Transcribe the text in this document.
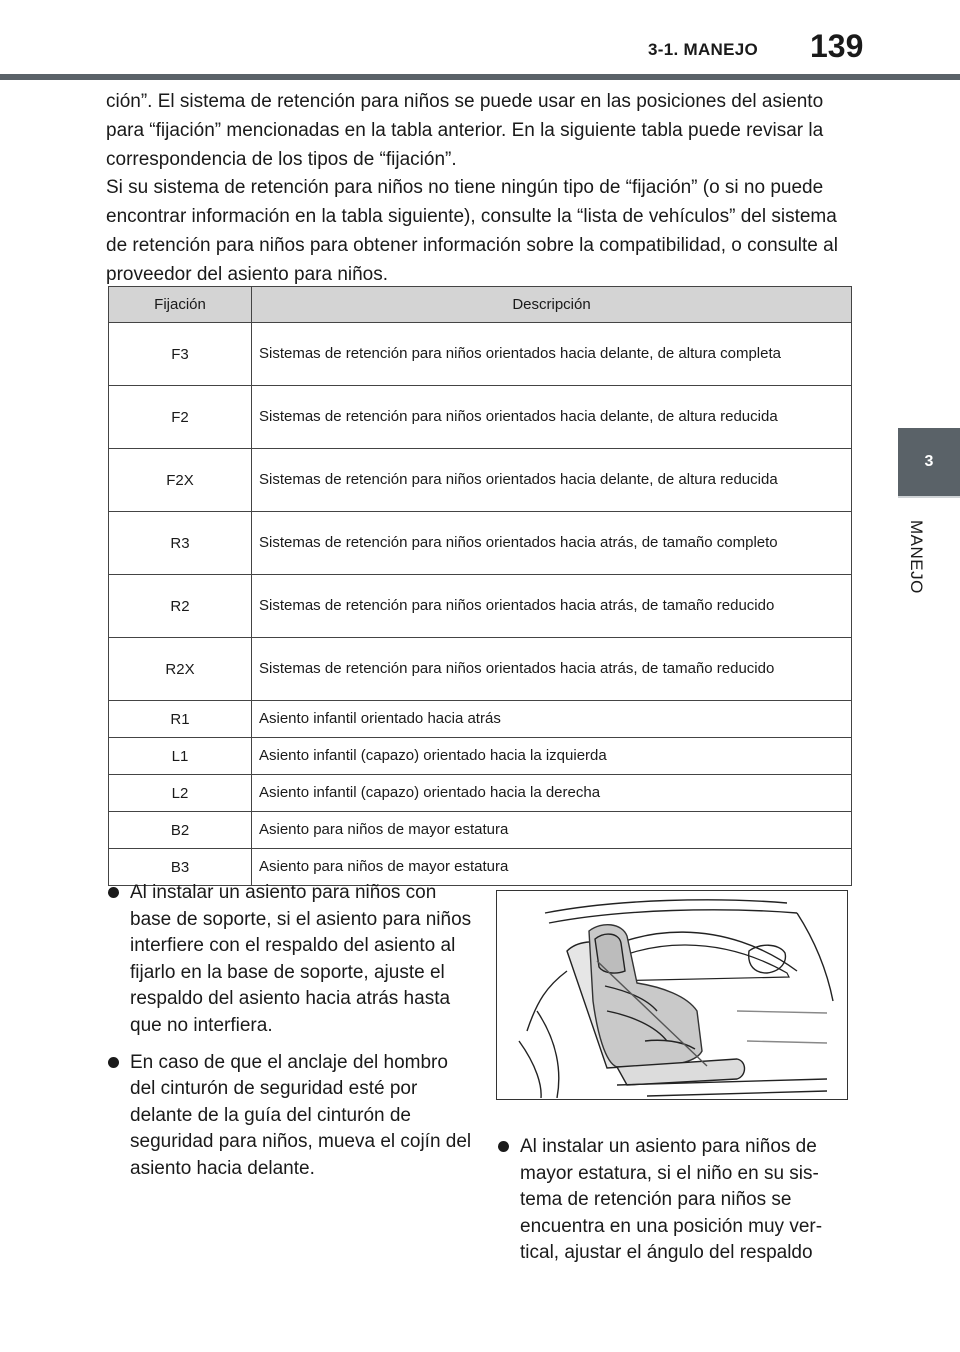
3-1. MANEJO 139
3
MANEJO

ción”. El sistema de retención para niños se puede usar en las posiciones del asiento para “fijación” mencionadas en la tabla anterior. En la siguiente tabla puede revisar la correspondencia de los tipos de “fijación”.

Si su sistema de retención para niños no tiene ningún tipo de “fijación” (o si no puede encontrar información en la tabla siguiente), consulte la “lista de vehículos” del sistema de retención para niños para obtener información sobre la compatibilidad, o consulte al proveedor del asiento para niños.

Fijación	Descripción
F3	Sistemas de retención para niños orientados hacia delante, de altura completa
F2	Sistemas de retención para niños orientados hacia delante, de altura reducida
F2X	Sistemas de retención para niños orientados hacia delante, de altura reducida
R3	Sistemas de retención para niños orientados hacia atrás, de tamaño completo
R2	Sistemas de retención para niños orientados hacia atrás, de tamaño reducido
R2X	Sistemas de retención para niños orientados hacia atrás, de tamaño reducido
R1	Asiento infantil orientado hacia atrás
L1	Asiento infantil (capazo) orientado hacia la izquierda
L2	Asiento infantil (capazo) orientado hacia la derecha
B2	Asiento para niños de mayor estatura
B3	Asiento para niños de mayor estatura
Al instalar un asiento para niños con base de soporte, si el asiento para niños interfiere con el respaldo del asiento al fijarlo en la base de soporte, ajuste el respaldo del asiento hacia atrás hasta que no interfiera.
En caso de que el anclaje del hombro del cinturón de seguridad esté por delante de la guía del cinturón de seguridad para niños, mueva el cojín del asiento hacia delante.
Al instalar un asiento para niños de mayor estatura, si el niño en su sistema de retención para niños se encuentra en una posición muy vertical, ajustar el ángulo del respaldo
